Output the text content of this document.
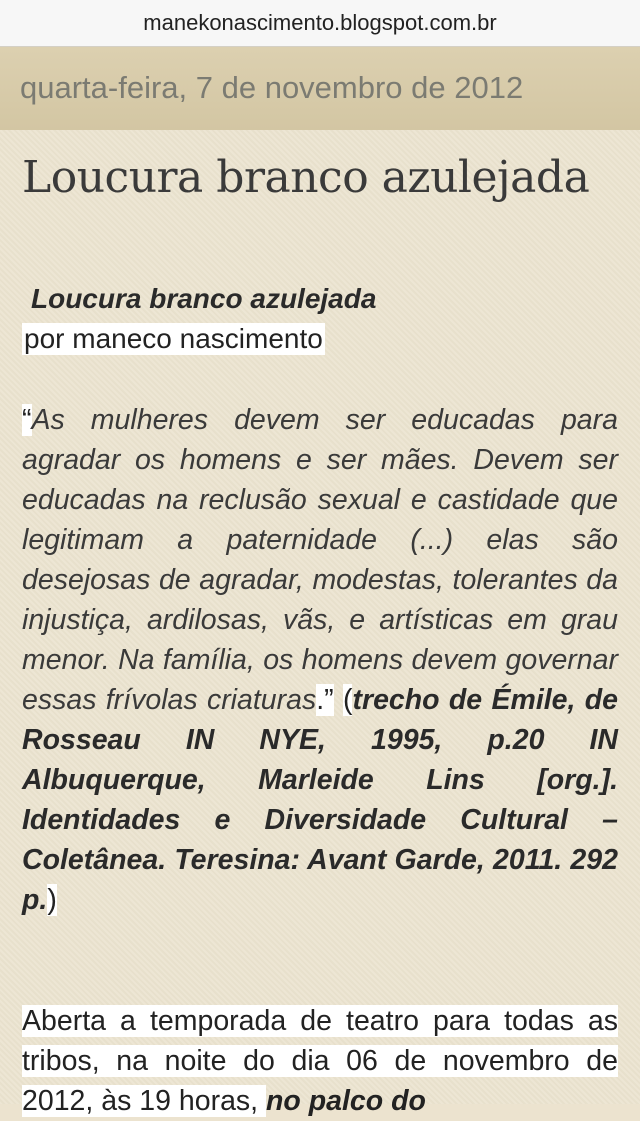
manekonascimento.blogspot.com.br
quarta-feira, 7 de novembro de 2012
Loucura branco azulejada
Loucura branco azulejada
por maneco nascimento
“As mulheres devem ser educadas para agradar os homens e ser mães. Devem ser educadas na reclusão sexual e castidade que legitimam a paternidade (...) elas são desejosas de agradar, modestas, tolerantes da injustiça, ardilosas, vãs, e artísticas em grau menor. Na família, os homens devem governar essas frívolas criaturas.” (trecho de Émile, de Rosseau IN NYE, 1995, p.20 IN Albuquerque, Marleide Lins [org.]. Identidades e Diversidade Cultural – Coletânea. Teresina: Avant Garde, 2011. 292 p.)
Aberta a temporada de teatro para todas as tribos, na noite do dia 06 de novembro de 2012, às 19 horas, no palco do
